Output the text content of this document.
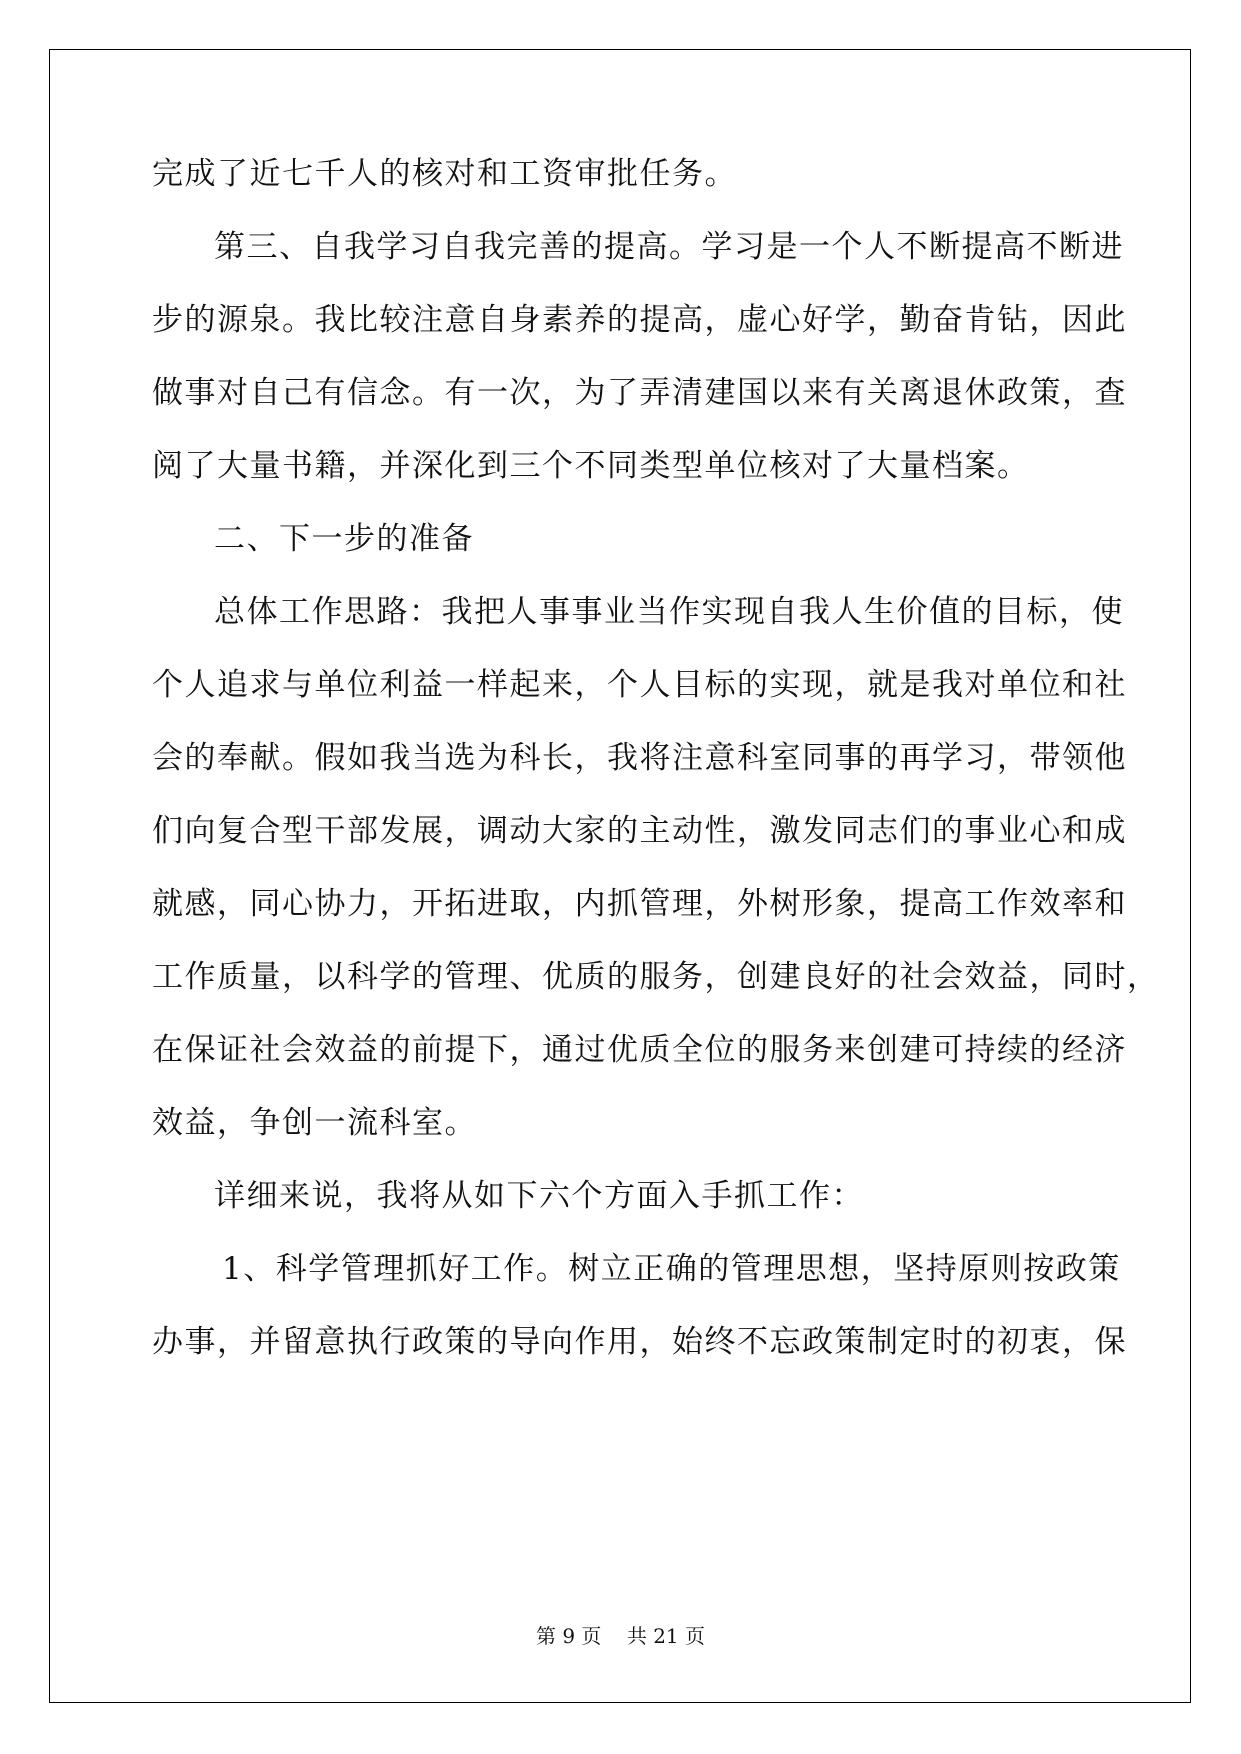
完成了近七千人的核对和工资审批任务。
第三、自我学习自我完善的提高。学习是一个人不断提高不断进
步的源泉。我比较注意自身素养的提高，虚心好学，勤奋肯钻，因此
做事对自己有信念。有一次，为了弄清建国以来有关离退休政策，查
阅了大量书籍，并深化到三个不同类型单位核对了大量档案。
二、下一步的准备
总体工作思路：我把人事事业当作实现自我人生价值的目标，使
个人追求与单位利益一样起来，个人目标的实现，就是我对单位和社
会的奉献。假如我当选为科长，我将注意科室同事的再学习，带领他
们向复合型干部发展，调动大家的主动性，激发同志们的事业心和成
就感，同心协力，开拓进取，内抓管理，外树形象，提高工作效率和
工作质量，以科学的管理、优质的服务，创建良好的社会效益，同时，
在保证社会效益的前提下，通过优质全位的服务来创建可持续的经济
效益，争创一流科室。
详细来说，我将从如下六个方面入手抓工作：
1、科学管理抓好工作。树立正确的管理思想，坚持原则按政策
办事，并留意执行政策的导向作用，始终不忘政策制定时的初衷，保
第 9 页    共 21 页
